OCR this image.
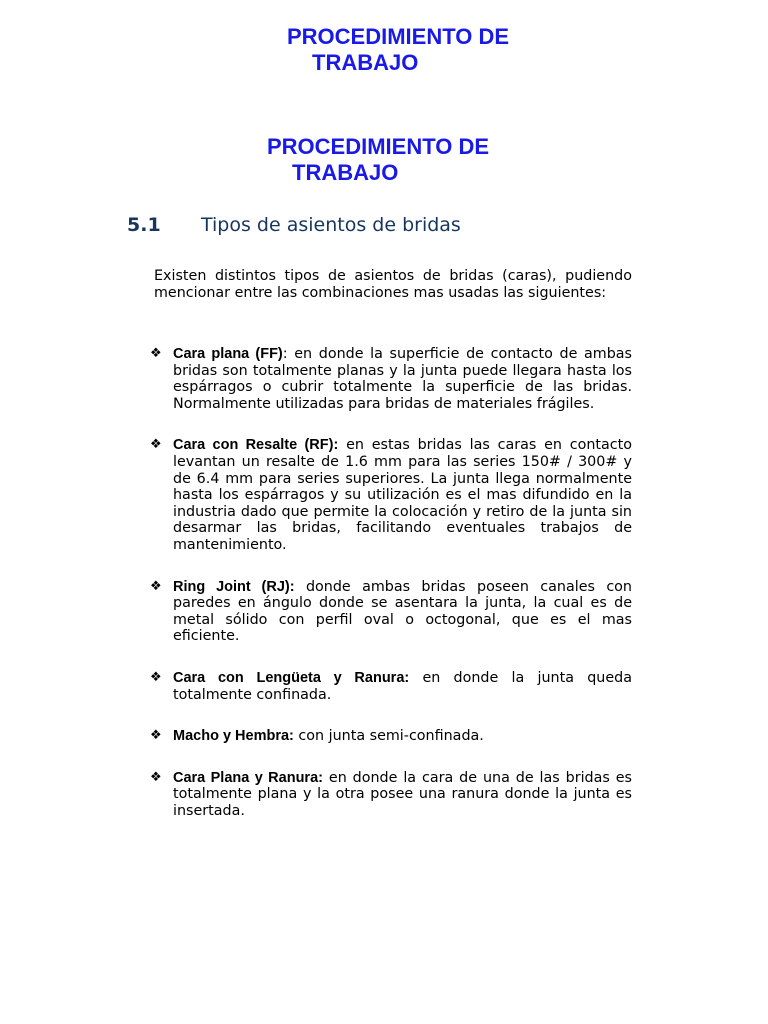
PROCEDIMIENTO DE
TRABAJO
PROCEDIMIENTO DE
TRABAJO
5.1 Tipos de asientos de bridas

Existen distintos tipos de asientos de bridas (caras), pudiendo mencionar entre las combinaciones mas usadas las siguientes:

❖ Cara plana (FF): en donde la superficie de contacto de ambas bridas son totalmente planas y la junta puede llegara hasta los espárragos o cubrir totalmente la superficie de las bridas. Normalmente utilizadas para bridas de materiales frágiles.
❖ Cara con Resalte (RF): en estas bridas las caras en contacto levantan un resalte de 1.6 mm para las series 150# / 300# y de 6.4 mm para series superiores. La junta llega normalmente hasta los espárragos y su utilización es el mas difundido en la industria dado que permite la colocación y retiro de la junta sin desarmar las bridas, facilitando eventuales trabajos de mantenimiento.
❖ Ring Joint (RJ): donde ambas bridas poseen canales con paredes en ángulo donde se asentara la junta, la cual es de metal sólido con perfil oval o octogonal, que es el mas eficiente.
❖ Cara con Lengüeta y Ranura: en donde la junta queda totalmente confinada.
❖ Macho y Hembra: con junta semi-confinada.
❖ Cara Plana y Ranura: en donde la cara de una de las bridas es totalmente plana y la otra posee una ranura donde la junta es insertada.
